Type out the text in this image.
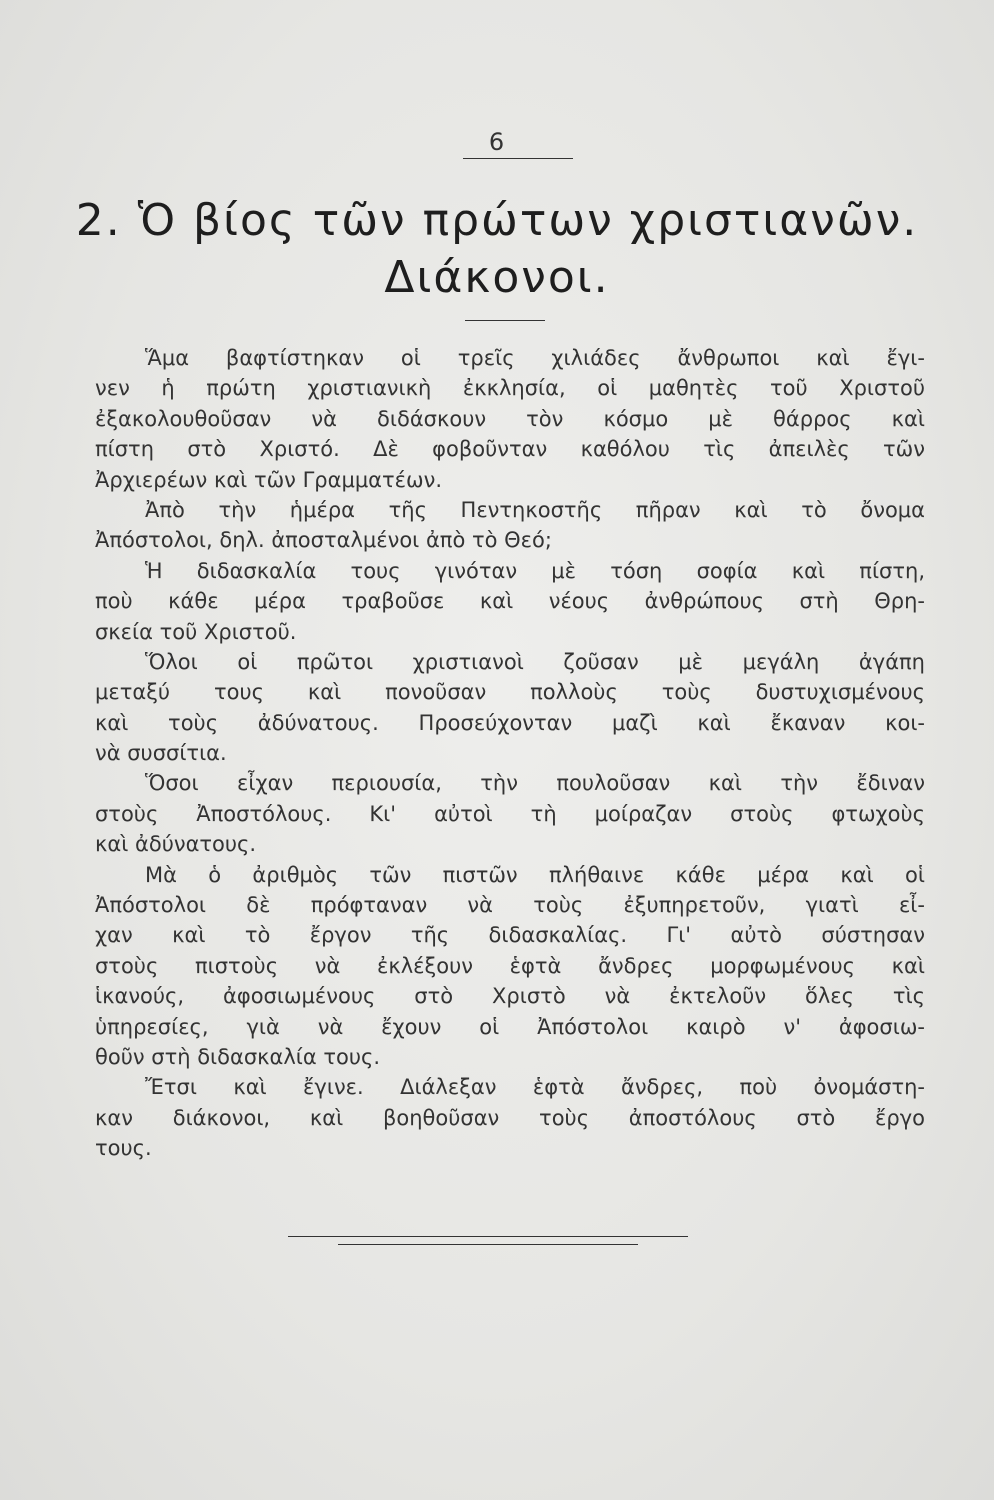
6
2. Ὁ βίος τῶν πρώτων χριστιανῶν.
Διάκονοι.
Ἅμα βαφτίστηκαν οἱ τρεῖς χιλιάδες ἄνθρωποι καὶ ἔγι-
νεν ἡ πρώτη χριστιανικὴ ἐκκλησία, οἱ μαθητὲς τοῦ Χριστοῦ
ἐξακολουθοῦσαν νὰ διδάσκουν τὸν κόσμο μὲ θάρρος καὶ
πίστη στὸ Χριστό. Δὲ φοβοῦνταν καθόλου τὶς ἀπειλὲς τῶν
Ἀρχιερέων καὶ τῶν Γραμματέων.
Ἀπὸ τὴν ἡμέρα τῆς Πεντηκοστῆς πῆραν καὶ τὸ ὄνομα
Ἀπόστολοι, δηλ. ἀποσταλμένοι ἀπὸ τὸ Θεό;
Ἡ διδασκαλία τους γινόταν μὲ τόση σοφία καὶ πίστη,
ποὺ κάθε μέρα τραβοῦσε καὶ νέους ἀνθρώπους στὴ Θρη-
σκεία τοῦ Χριστοῦ.
Ὅλοι οἱ πρῶτοι χριστιανοὶ ζοῦσαν μὲ μεγάλη ἀγάπη
μεταξύ τους καὶ πονοῦσαν πολλοὺς τοὺς δυστυχισμένους
καὶ τοὺς ἀδύνατους. Προσεύχονταν μαζὶ καὶ ἔκαναν κοι-
νὰ συσσίτια.
Ὅσοι εἶχαν περιουσία, τὴν πουλοῦσαν καὶ τὴν ἔδιναν
στοὺς Ἀποστόλους. Κι' αὐτοὶ τὴ μοίραζαν στοὺς φτωχοὺς
καὶ ἀδύνατους.
Μὰ ὁ ἀριθμὸς τῶν πιστῶν πλήθαινε κάθε μέρα καὶ οἱ
Ἀπόστολοι δὲ πρόφταναν νὰ τοὺς ἐξυπηρετοῦν, γιατὶ εἶ-
χαν καὶ τὸ ἔργον τῆς διδασκαλίας. Γι' αὐτὸ σύστησαν
στοὺς πιστοὺς νὰ ἐκλέξουν ἑφτὰ ἄνδρες μορφωμένους καὶ
ἱκανούς, ἀφοσιωμένους στὸ Χριστὸ νὰ ἐκτελοῦν ὅλες τὶς
ὑπηρεσίες, γιὰ νὰ ἔχουν οἱ Ἀπόστολοι καιρὸ ν' ἀφοσιω-
θοῦν στὴ διδασκαλία τους.
Ἔτσι καὶ ἔγινε. Διάλεξαν ἑφτὰ ἄνδρες, ποὺ ὀνομάστη-
καν διάκονοι, καὶ βοηθοῦσαν τοὺς ἀποστόλους στὸ ἔργο
τους.
